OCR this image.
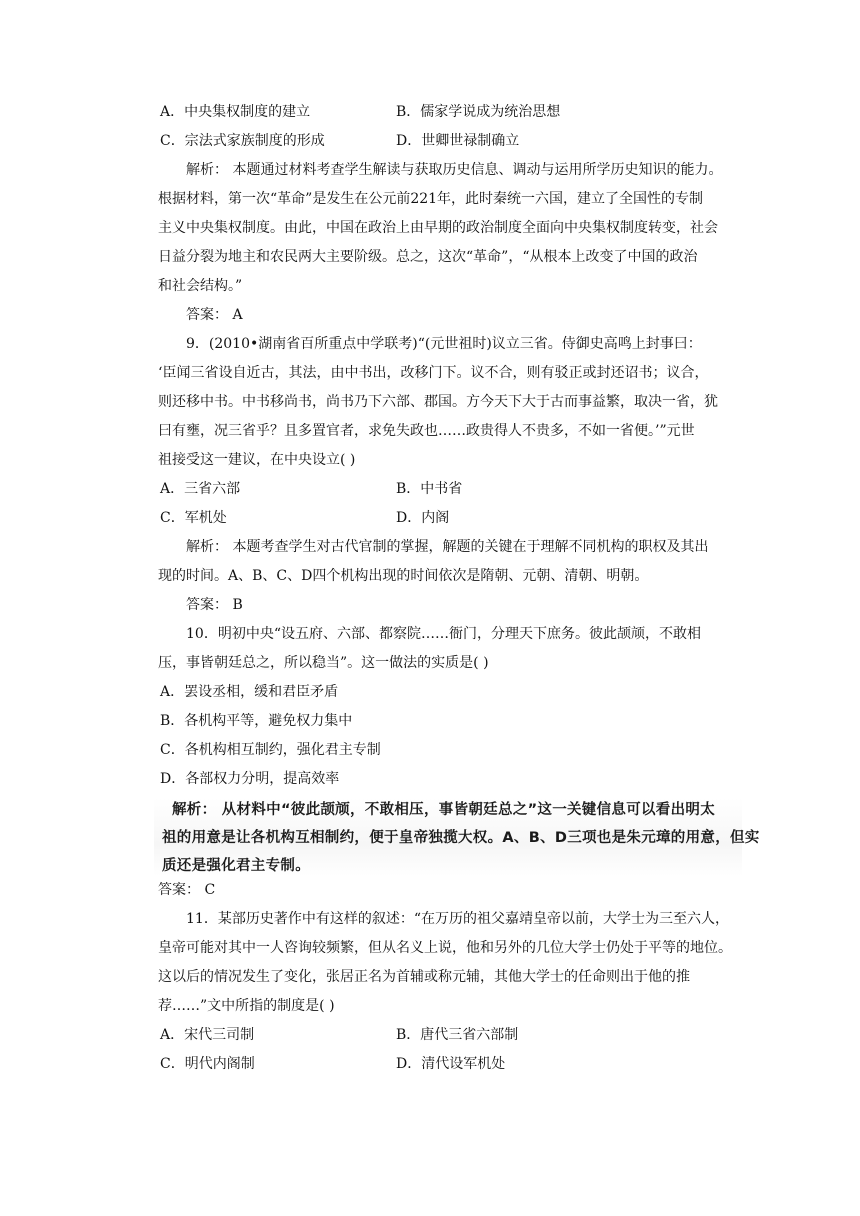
A．中央集权制度的建立	B．儒家学说成为统治思想
C．宗法式家族制度的形成	D．世卿世禄制确立
解析： 本题通过材料考查学生解读与获取历史信息、调动与运用所学历史知识的能力。
根据材料，第一次“革命”是发生在公元前221年，此时秦统一六国，建立了全国性的专制
主义中央集权制度。由此，中国在政治上由早期的政治制度全面向中央集权制度转变，社会
日益分裂为地主和农民两大主要阶级。总之，这次“革命”，“从根本上改变了中国的政治
和社会结构。”
答案： A
9．(2010•湖南省百所重点中学联考)“(元世祖时)议立三省。侍御史高鸣上封事曰：
‘臣闻三省设自近古，其法，由中书出，改移门下。议不合，则有驳正或封还诏书；议合，
则还移中书。中书移尚书，尚书乃下六部、郡国。方今天下大于古而事益繁，取决一省，犹
曰有壅，况三省乎？且多置官者，求免失政也……政贵得人不贵多，不如一省便。’”元世
祖接受这一建议，在中央设立( )
A．三省六部	B．中书省
C．军机处	D．内阁
解析： 本题考查学生对古代官制的掌握，解题的关键在于理解不同机构的职权及其出
现的时间。A、B、C、D四个机构出现的时间依次是隋朝、元朝、清朝、明朝。
答案： B
10．明初中央“设五府、六部、都察院……衙门，分理天下庶务。彼此颉颃，不敢相
压，事皆朝廷总之，所以稳当”。这一做法的实质是( )
A．罢设丞相，缓和君臣矛盾
B．各机构平等，避免权力集中
C．各机构相互制约，强化君主专制
D．各部权力分明，提高效率
解析： 从材料中“彼此颉颃，不敢相压，事皆朝廷总之”这一关键信息可以看出明太
祖的用意是让各机构互相制约，便于皇帝独揽大权。A、B、D三项也是朱元璋的用意，但实
质还是强化君主专制。
答案： C
11．某部历史著作中有这样的叙述：“在万历的祖父嘉靖皇帝以前，大学士为三至六人，
皇帝可能对其中一人咨询较频繁，但从名义上说，他和另外的几位大学士仍处于平等的地位。
这以后的情况发生了变化，张居正名为首辅或称元辅，其他大学士的任命则出于他的推
荐……”文中所指的制度是( )
A．宋代三司制	B．唐代三省六部制
C．明代内阁制	D．清代设军机处
